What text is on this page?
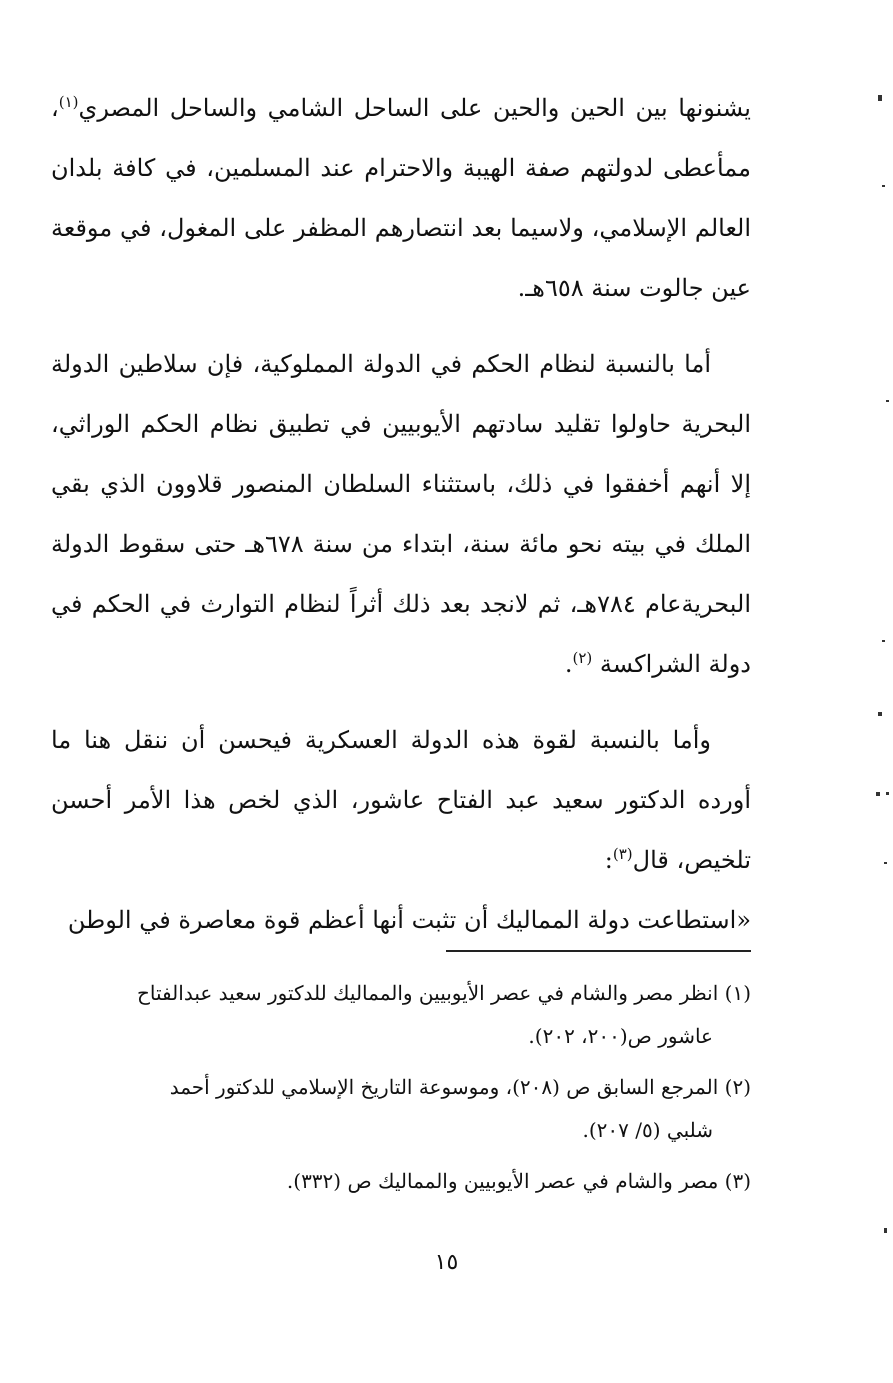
يشنونها بين الحين والحين على الساحل الشامي والساحل المصري$^{(١)}$، ممأعطى لدولتهم صفة الهيبة والاحترام عند المسلمين، في كافة بلدان العالم الإسلامي، ولاسيما بعد انتصارهم المظفر على المغول، في موقعة عين جالوت سنة ٦٥٨هـ.

أما بالنسبة لنظام الحكم في الدولة المملوكية، فإن سلاطين الدولة البحرية حاولوا تقليد سادتهم الأيوبيين في تطبيق نظام الحكم الوراثي، إلا أنهم أخفقوا في ذلك، باستثناء السلطان المنصور قلاوون الذي بقي الملك في بيته نحو مائة سنة، ابتداء من سنة ٦٧٨هـ حتى سقوط الدولة البحريةعام ٧٨٤هـ، ثم لانجد بعد ذلك أثراً لنظام التوارث في الحكم في دولة الشراكسة $^{(٢)}$.

وأما بالنسبة لقوة هذه الدولة العسكرية فيحسن أن ننقل هنا ما أورده الدكتور سعيد عبد الفتاح عاشور، الذي لخص هذا الأمر أحسن تلخيص، قال$^{(٣)}$:

«استطاعت دولة المماليك أن تثبت أنها أعظم قوة معاصرة في الوطن

(١) انظر مصر والشام في عصر الأيوبيين والمماليك للدكتور سعيد عبدالفتاح
عاشور ص(٢٠٠، ٢٠٢).

(٢) المرجع السابق ص (٢٠٨)، وموسوعة التاريخ الإسلامي للدكتور أحمد
شلبي (٥/ ٢٠٧).

(٣) مصر والشام في عصر الأيوبيين والمماليك ص (٣٣٢).

١٥
